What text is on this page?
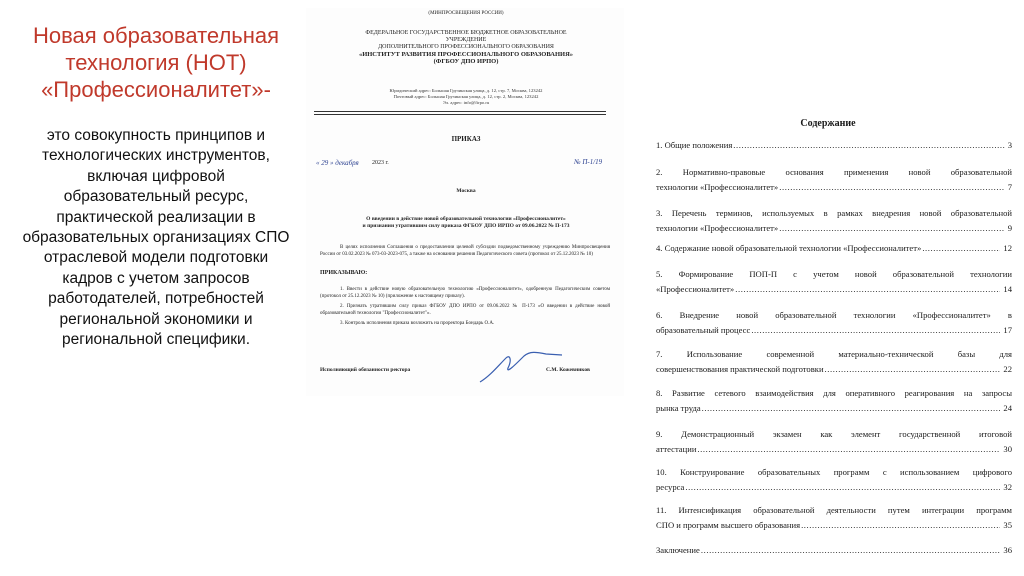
Новая образовательная технология (НОТ) «Профессионалитет»-
это совокупность принципов и технологических инструментов, включая цифровой образовательный ресурс, практической реализации в образовательных организациях СПО отраслевой модели подготовки кадров с учетом запросов работодателей, потребностей региональной экономики и региональной специфики.
(МИНПРОСВЕЩЕНИЯ РОССИИ)
ФЕДЕРАЛЬНОЕ ГОСУДАРСТВЕННОЕ БЮДЖЕТНОЕ ОБРАЗОВАТЕЛЬНОЕ
УЧРЕЖДЕНИЕ
ДОПОЛНИТЕЛЬНОГО ПРОФЕССИОНАЛЬНОГО ОБРАЗОВАНИЯ
«ИНСТИТУТ РАЗВИТИЯ ПРОФЕССИОНАЛЬНОГО ОБРАЗОВАНИЯ»
(ФГБОУ ДПО ИРПО)
Юридический адрес: Большая Грузинская улица, д. 12, стр. 7, Москва, 123242
Почтовый адрес: Большая Грузинская улица, д. 12, стр. 2, Москва, 123242
Эл. адрес: info@firpo.ru
ПРИКАЗ
« 29 » декабря 2023 г.	№ П-1/19
Москва
О введении в действие новой образовательной технологии «Профессионалитет»
и признании утратившим силу приказа ФГБОУ ДПО ИРПО от 09.06.2022 № П-173
В целях исполнения Соглашения о предоставлении целевой субсидии подведомственному учреждению Минпросвещения России от 03.02.2023 № 073-03-2023-075, а также на основании решения Педагогического совета (протокол от 25.12.2023 № 10)
ПРИКАЗЫВАЮ:

1. Ввести в действие новую образовательную технологию «Профессионалитет», одобренную Педагогическим советом (протокол от 25.12.2023 № 10) (приложение к настоящему приказу).

2. Признать утратившим силу приказ ФГБОУ ДПО ИРПО от 09.06.2022 № П-173 «О введении в действие новой образовательной технологии "Профессионалитет"».

3. Контроль исполнения приказа возложить на проректора Бондарь О.А.

Исполняющий обязанности ректора	С.М. Кожевников
Содержание
1. Общие положения .....	3
2. Нормативно-правовые основания применения новой образовательной
технологии «Профессионалитет» .....	7
3. Перечень терминов, используемых в рамках внедрения новой образовательной
технологии «Профессионалитет» .....	9
4. Содержание новой образовательной технологии «Профессионалитет» .....	12
5. Формирование ПОП-П с учетом новой образовательной технологии
«Профессионалитет» .....	14
6. Внедрение новой образовательной технологии «Профессионалитет» в
образовательный процесс .....	17
7. Использование современной материально-технической базы для
совершенствования практической подготовки .....	22
8. Развитие сетевого взаимодействия для оперативного реагирования на запросы
рынка труда .....	24
9. Демонстрационный экзамен как элемент государственной итоговой
аттестации .....	30
10. Конструирование образовательных программ с использованием цифрового
ресурса .....	32
11. Интенсификация образовательной деятельности путем интеграции программ
СПО и программ высшего образования .....	35
Заключение .....	36
